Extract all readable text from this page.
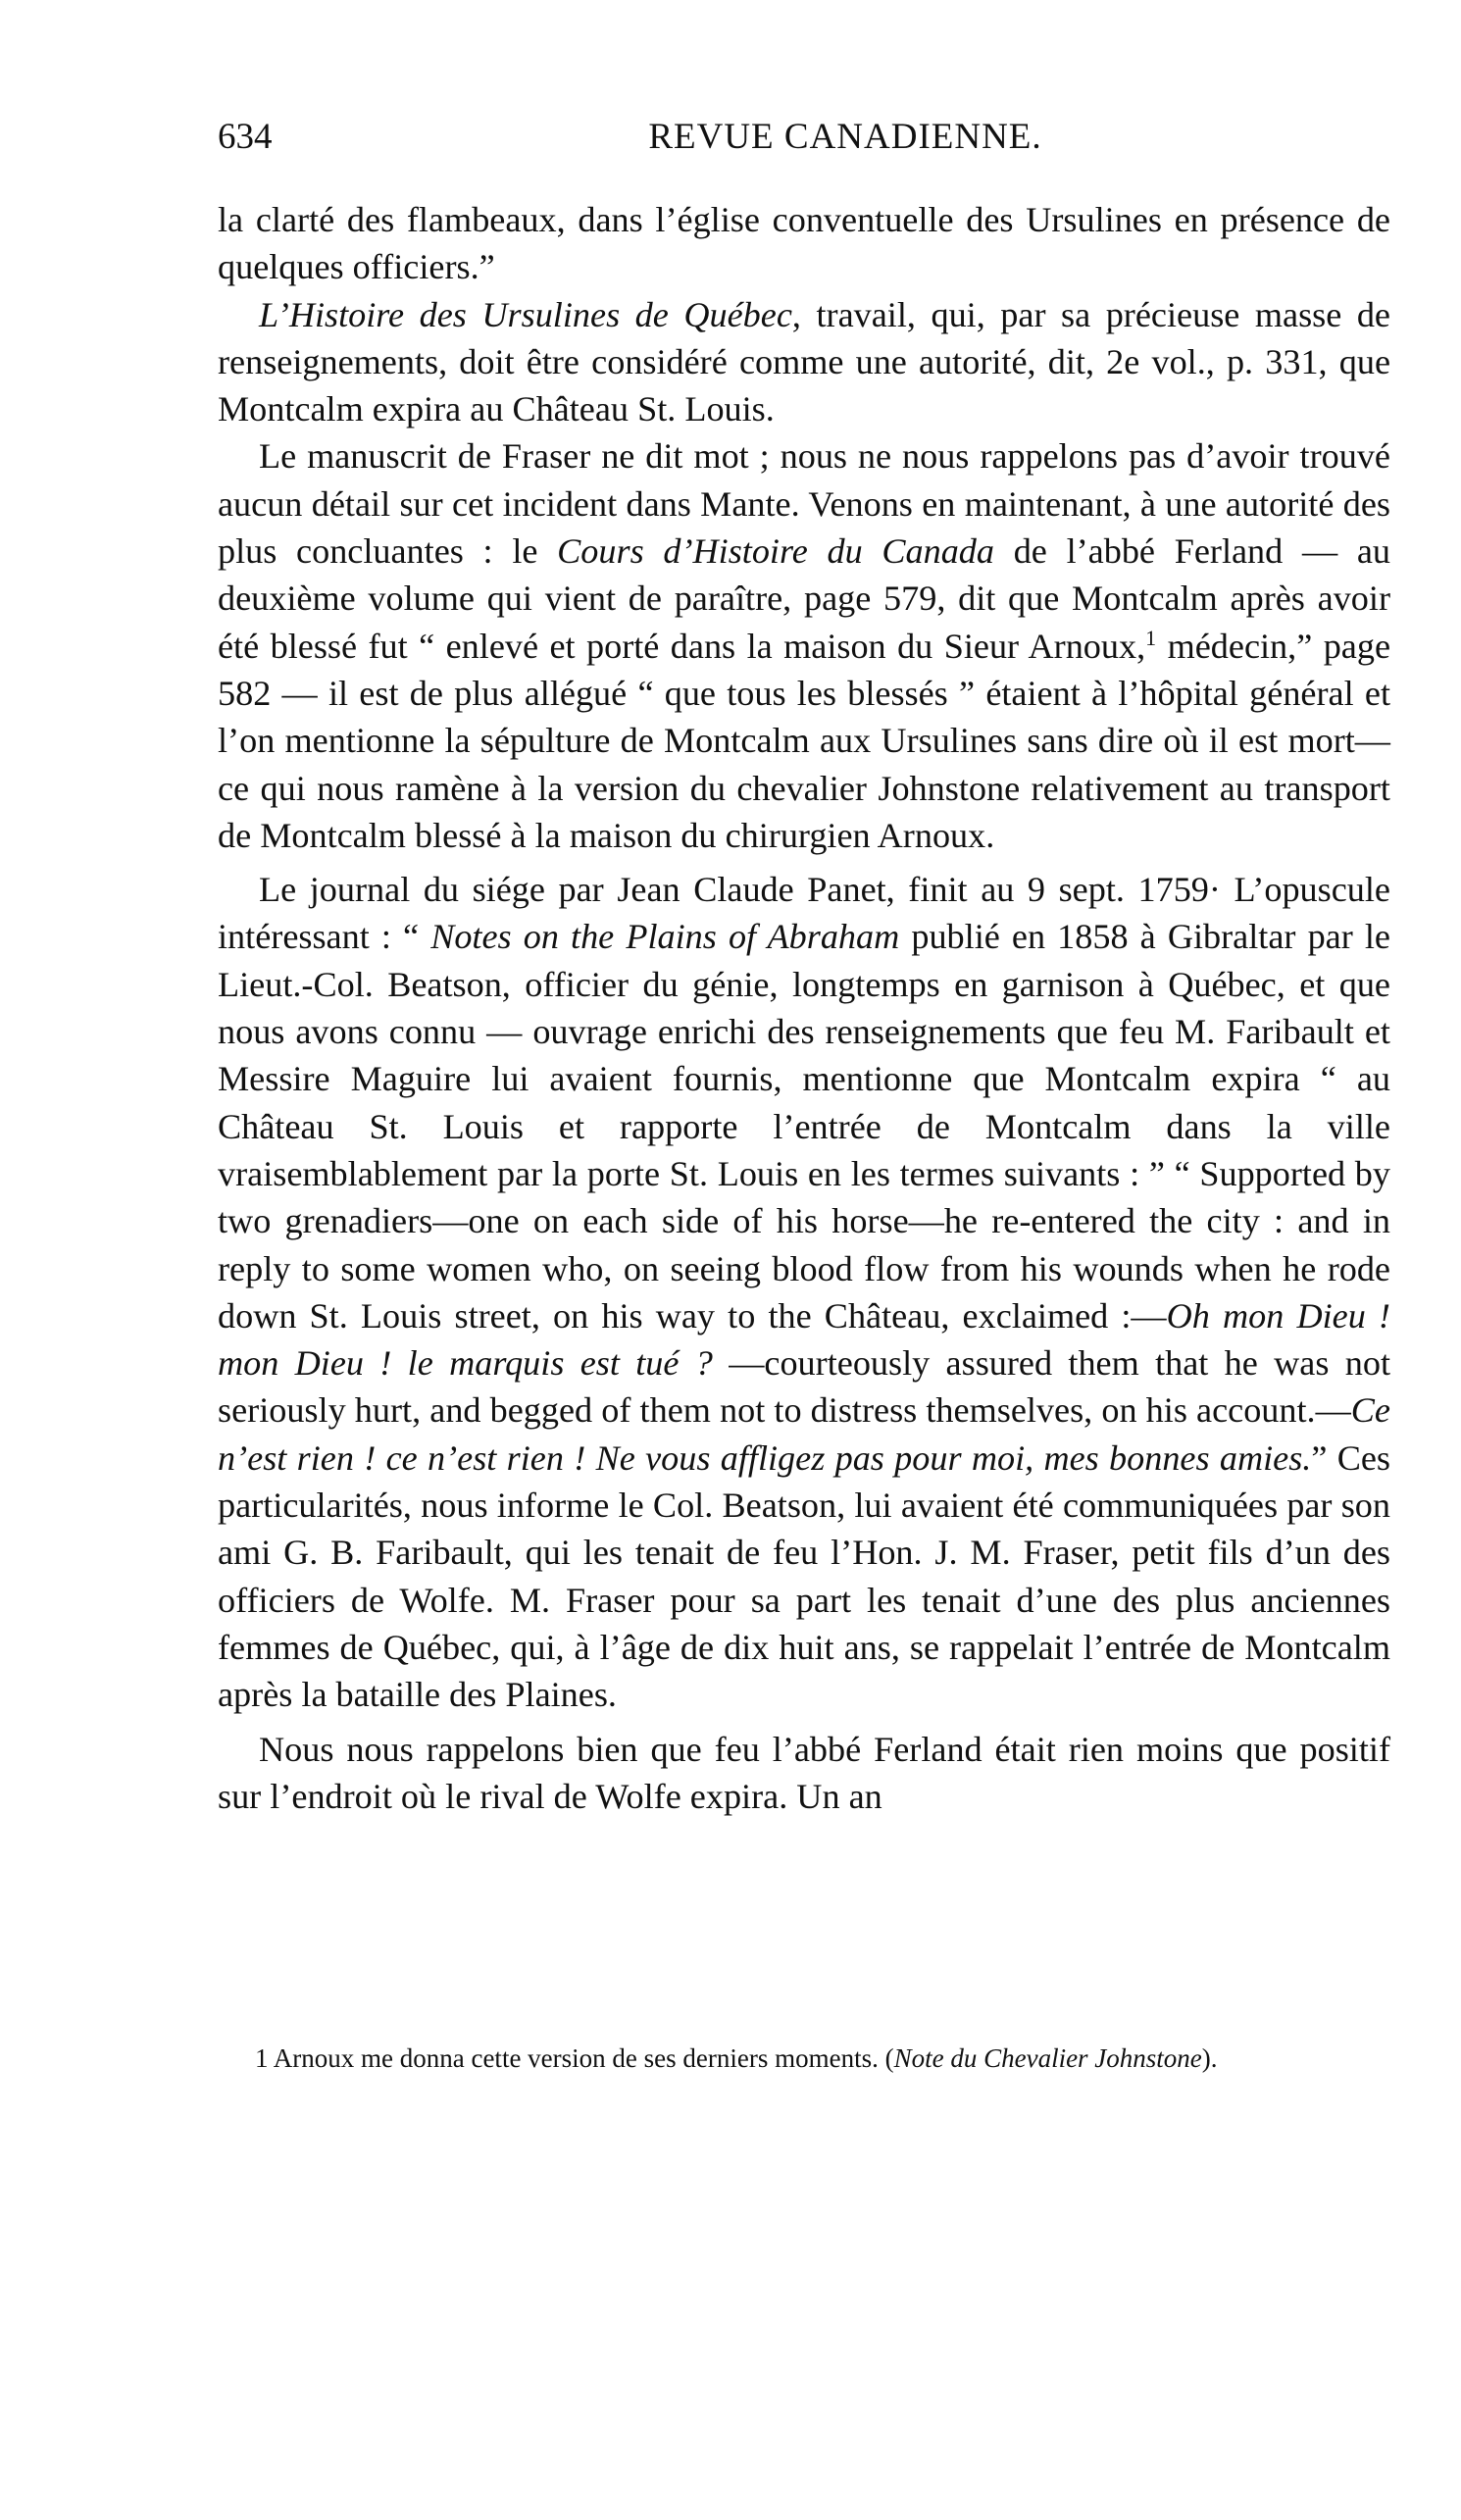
634	REVUE CANADIENNE.

la clarté des flambeaux, dans l’église conventuelle des Ursulines en présence de quelques officiers.”

L’Histoire des Ursulines de Québec, travail, qui, par sa précieuse masse de renseignements, doit être considéré comme une autorité, dit, 2e vol., p. 331, que Montcalm expira au Château St. Louis.

Le manuscrit de Fraser ne dit mot ; nous ne nous rappelons pas d’avoir trouvé aucun détail sur cet incident dans Mante. Venons en maintenant, à une autorité des plus concluantes : le Cours d’Histoire du Canada de l’abbé Ferland — au deuxième volume qui vient de paraître, page 579, dit que Montcalm après avoir été blessé fut “ enlevé et porté dans la maison du Sieur Arnoux,$^1$ médecin,” page 582 — il est de plus allégué “ que tous les blessés ” étaient à l’hôpital général et l’on mentionne la sépulture de Montcalm aux Ursulines sans dire où il est mort— ce qui nous ramène à la version du chevalier Johnstone relativement au transport de Montcalm blessé à la maison du chirurgien Arnoux.

Le journal du siége par Jean Claude Panet, finit au 9 sept. 1759· L’opuscule intéressant : “ Notes on the Plains of Abraham publié en 1858 à Gibraltar par le Lieut.-Col. Beatson, officier du génie, longtemps en garnison à Québec, et que nous avons connu — ouvrage enrichi des renseignements que feu M. Faribault et Messire Maguire lui avaient fournis, mentionne que Montcalm expira “ au Château St. Louis et rapporte l’entrée de Montcalm dans la ville vraisemblablement par la porte St. Louis en les termes suivants : ” “ Supported by two grenadiers—one on each side of his horse—he re-entered the city : and in reply to some women who, on seeing blood flow from his wounds when he rode down St. Louis street, on his way to the Château, exclaimed :—Oh mon Dieu ! mon Dieu ! le marquis est tué ? —courteously assured them that he was not seriously hurt, and begged of them not to distress themselves, on his account.—Ce n’est rien ! ce n’est rien ! Ne vous affligez pas pour moi, mes bonnes amies.” Ces particularités, nous informe le Col. Beatson, lui avaient été communiquées par son ami G. B. Faribault, qui les tenait de feu l’Hon. J. M. Fraser, petit fils d’un des officiers de Wolfe. M. Fraser pour sa part les tenait d’une des plus anciennes femmes de Québec, qui, à l’âge de dix huit ans, se rappelait l’entrée de Montcalm après la bataille des Plaines.

Nous nous rappelons bien que feu l’abbé Ferland était rien moins que positif sur l’endroit où le rival de Wolfe expira. Un an

1 Arnoux me donna cette version de ses derniers moments. (Note du Chevalier Johnstone).
